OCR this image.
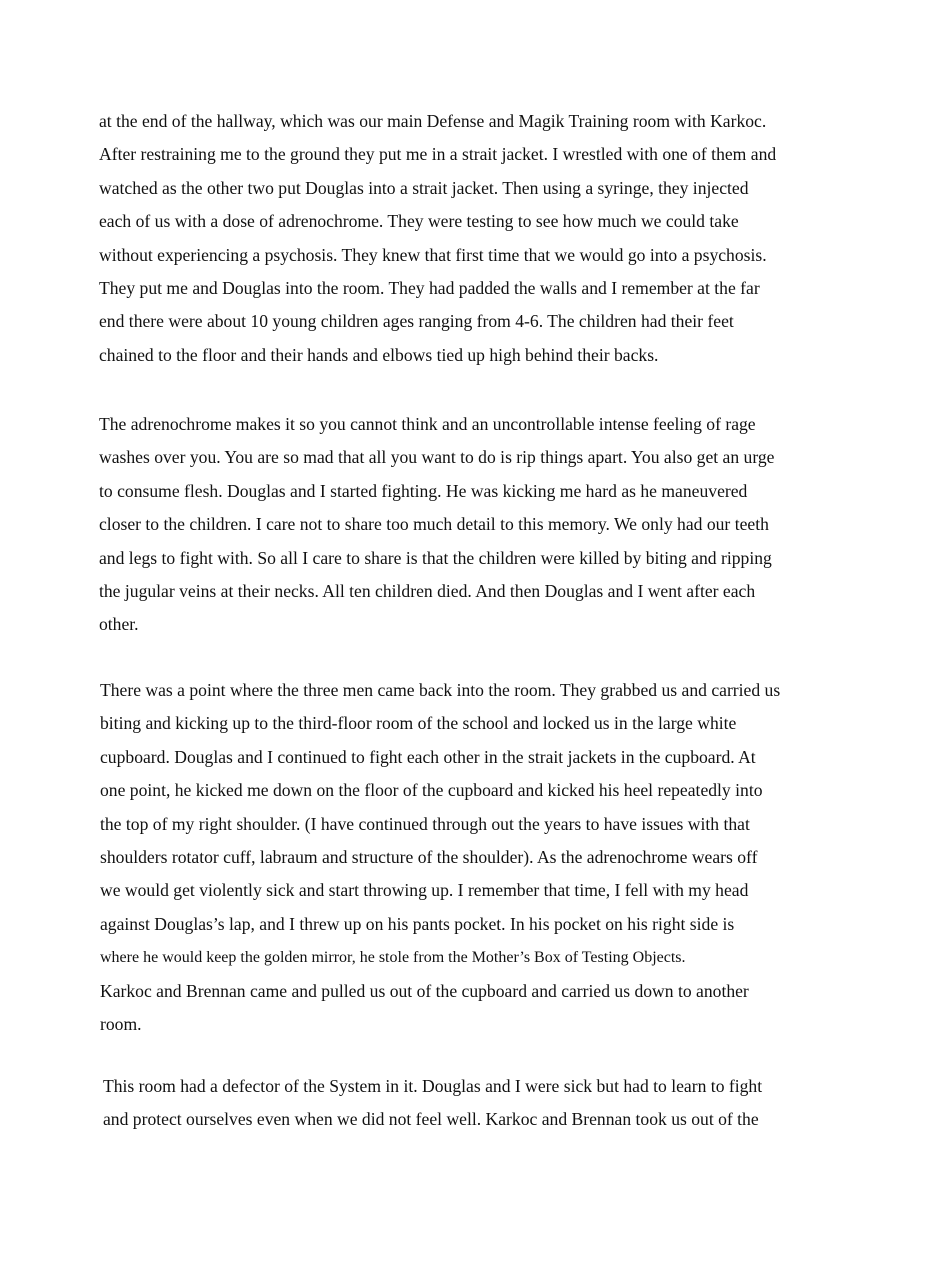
at the end of the hallway, which was our main Defense and Magik Training room with Karkoc.
After restraining me to the ground they put me in a strait jacket. I wrestled with one of them and
watched as the other two put Douglas into a strait jacket. Then using a syringe, they injected
each of us with a dose of adrenochrome. They were testing to see how much we could take
without experiencing a psychosis. They knew that first time that we would go into a psychosis.
They put me and Douglas into the room. They had padded the walls and I remember at the far
end there were about 10 young children ages ranging from 4-6. The children had their feet
chained to the floor and their hands and elbows tied up high behind their backs.
The adrenochrome makes it so you cannot think and an uncontrollable intense feeling of rage
washes over you. You are so mad that all you want to do is rip things apart. You also get an urge
to consume flesh. Douglas and I started fighting. He was kicking me hard as he maneuvered
closer to the children. I care not to share too much detail to this memory. We only had our teeth
and legs to fight with. So all I care to share is that the children were killed by biting and ripping
the jugular veins at their necks. All ten children died. And then Douglas and I went after each
other.
There was a point where the three men came back into the room. They grabbed us and carried us
biting and kicking up to the third-floor room of the school and locked us in the large white
cupboard. Douglas and I continued to fight each other in the strait jackets in the cupboard. At
one point, he kicked me down on the floor of the cupboard and kicked his heel repeatedly into
the top of my right shoulder. (I have continued through out the years to have issues with that
shoulders rotator cuff, labraum and structure of the shoulder). As the adrenochrome wears off
we would get violently sick and start throwing up. I remember that time, I fell with my head
against Douglas’s lap, and I threw up on his pants pocket. In his pocket on his right side is
where he would keep the golden mirror, he stole from the Mother’s Box of Testing Objects.
Karkoc and Brennan came and pulled us out of the cupboard and carried us down to another
room.
This room had a defector of the System in it. Douglas and I were sick but had to learn to fight
and protect ourselves even when we did not feel well. Karkoc and Brennan took us out of the
